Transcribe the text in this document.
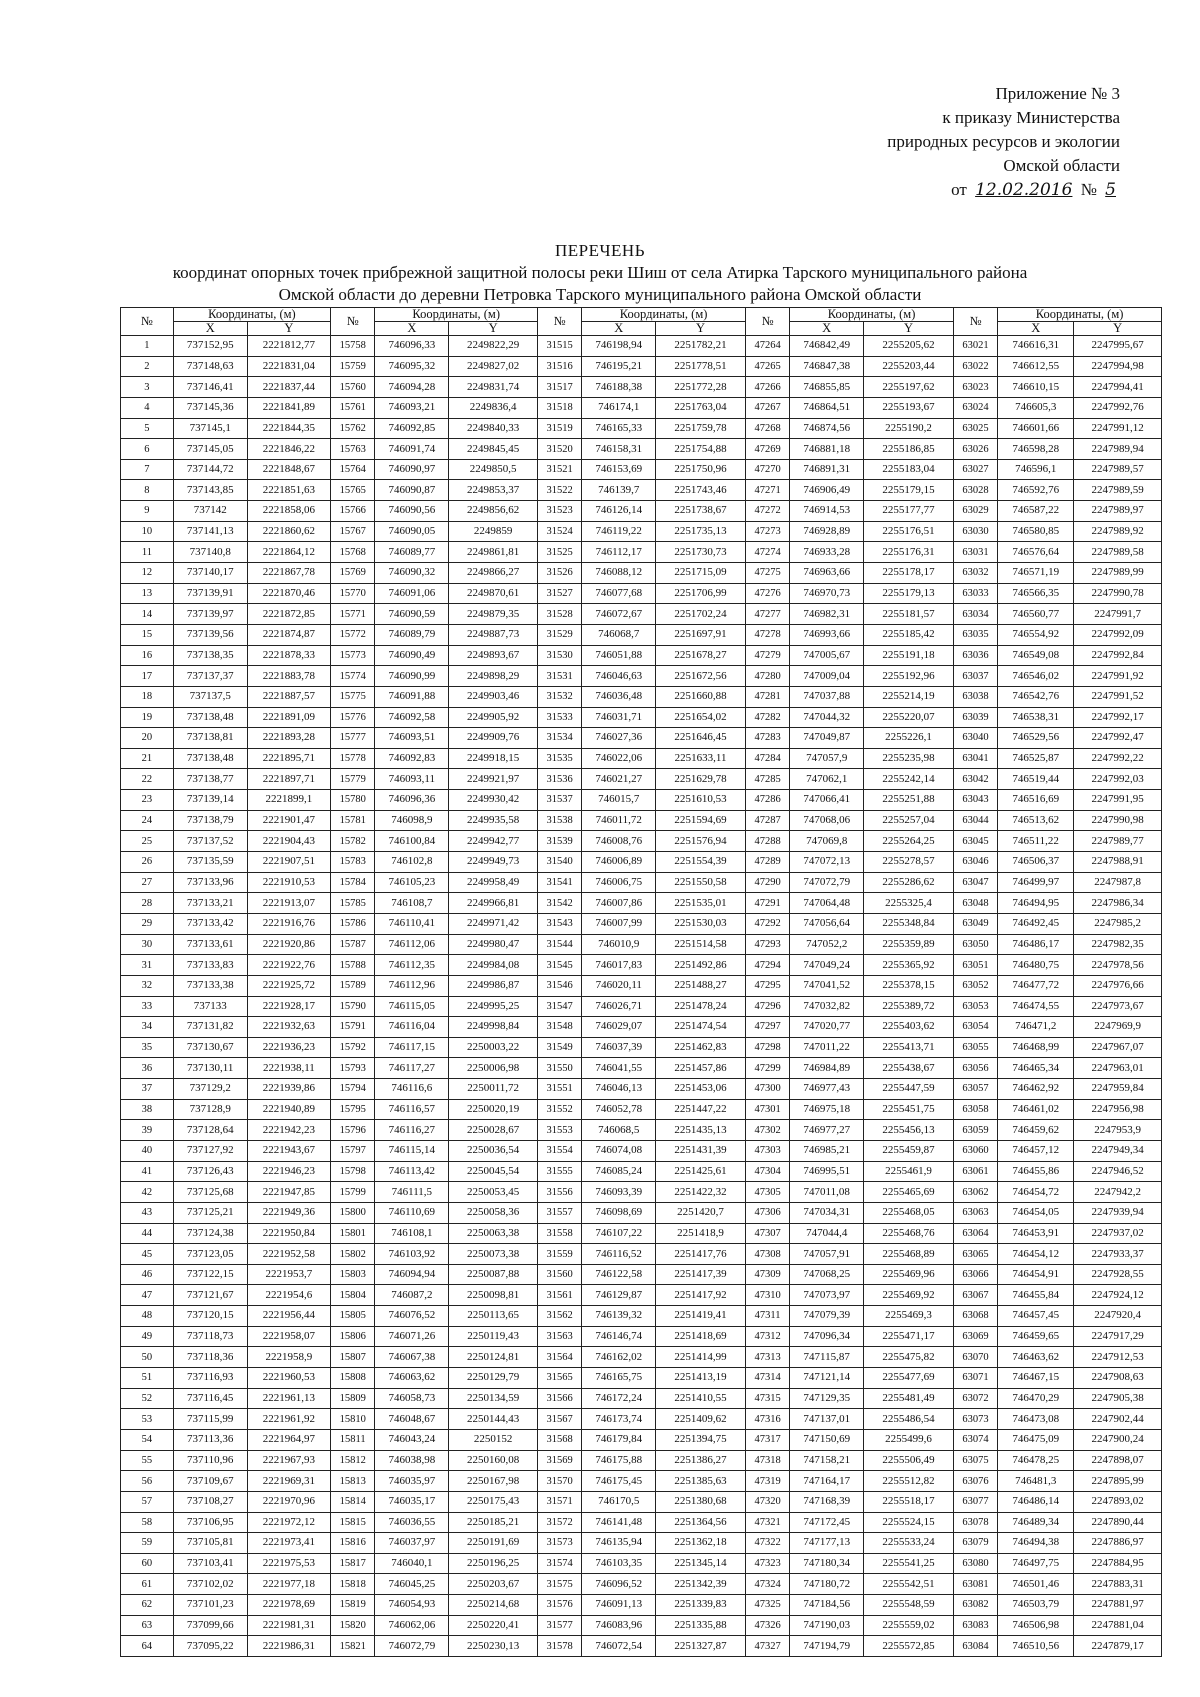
Приложение № 3
к приказу Министерства
природных ресурсов и экологии
Омской области
от 12.02.2016 № 5
ПЕРЕЧЕНЬ
координат опорных точек прибрежной защитной полосы реки Шиш от села Атирка Тарского муниципального района
Омской области до деревни Петровка Тарского муниципального района Омской области
№	Координаты, (м)		№	Координаты, (м)		№	Координаты, (м)		№	Координаты, (м)		№	Координаты, (м)	
	X	Y		X	Y		X	Y		X	Y		X	Y
1	737152,95	2221812,77	15758	746096,33	2249822,29	31515	746198,94	2251782,21	47264	746842,49	2255205,62	63021	746616,31	2247995,67
2	737148,63	2221831,04	15759	746095,32	2249827,02	31516	746195,21	2251778,51	47265	746847,38	2255203,44	63022	746612,55	2247994,98
3	737146,41	2221837,44	15760	746094,28	2249831,74	31517	746188,38	2251772,28	47266	746855,85	2255197,62	63023	746610,15	2247994,41
4	737145,36	2221841,89	15761	746093,21	2249836,4	31518	746174,1	2251763,04	47267	746864,51	2255193,67	63024	746605,3	2247992,76
5	737145,1	2221844,35	15762	746092,85	2249840,33	31519	746165,33	2251759,78	47268	746874,56	2255190,2	63025	746601,66	2247991,12
6	737145,05	2221846,22	15763	746091,74	2249845,45	31520	746158,31	2251754,88	47269	746881,18	2255186,85	63026	746598,28	2247989,94
7	737144,72	2221848,67	15764	746090,97	2249850,5	31521	746153,69	2251750,96	47270	746891,31	2255183,04	63027	746596,1	2247989,57
8	737143,85	2221851,63	15765	746090,87	2249853,37	31522	746139,7	2251743,46	47271	746906,49	2255179,15	63028	746592,76	2247989,59
9	737142	2221858,06	15766	746090,56	2249856,62	31523	746126,14	2251738,67	47272	746914,53	2255177,77	63029	746587,22	2247989,97
10	737141,13	2221860,62	15767	746090,05	2249859	31524	746119,22	2251735,13	47273	746928,89	2255176,51	63030	746580,85	2247989,92
11	737140,8	2221864,12	15768	746089,77	2249861,81	31525	746112,17	2251730,73	47274	746933,28	2255176,31	63031	746576,64	2247989,58
12	737140,17	2221867,78	15769	746090,32	2249866,27	31526	746088,12	2251715,09	47275	746963,66	2255178,17	63032	746571,19	2247989,99
13	737139,91	2221870,46	15770	746091,06	2249870,61	31527	746077,68	2251706,99	47276	746970,73	2255179,13	63033	746566,35	2247990,78
14	737139,97	2221872,85	15771	746090,59	2249879,35	31528	746072,67	2251702,24	47277	746982,31	2255181,57	63034	746560,77	2247991,7
15	737139,56	2221874,87	15772	746089,79	2249887,73	31529	746068,7	2251697,91	47278	746993,66	2255185,42	63035	746554,92	2247992,09
16	737138,35	2221878,33	15773	746090,49	2249893,67	31530	746051,88	2251678,27	47279	747005,67	2255191,18	63036	746549,08	2247992,84
17	737137,37	2221883,78	15774	746090,99	2249898,29	31531	746046,63	2251672,56	47280	747009,04	2255192,96	63037	746546,02	2247991,92
18	737137,5	2221887,57	15775	746091,88	2249903,46	31532	746036,48	2251660,88	47281	747037,88	2255214,19	63038	746542,76	2247991,52
19	737138,48	2221891,09	15776	746092,58	2249905,92	31533	746031,71	2251654,02	47282	747044,32	2255220,07	63039	746538,31	2247992,17
20	737138,81	2221893,28	15777	746093,51	2249909,76	31534	746027,36	2251646,45	47283	747049,87	2255226,1	63040	746529,56	2247992,47
21	737138,48	2221895,71	15778	746092,83	2249918,15	31535	746022,06	2251633,11	47284	747057,9	2255235,98	63041	746525,87	2247992,22
22	737138,77	2221897,71	15779	746093,11	2249921,97	31536	746021,27	2251629,78	47285	747062,1	2255242,14	63042	746519,44	2247992,03
23	737139,14	2221899,1	15780	746096,36	2249930,42	31537	746015,7	2251610,53	47286	747066,41	2255251,88	63043	746516,69	2247991,95
24	737138,79	2221901,47	15781	746098,9	2249935,58	31538	746011,72	2251594,69	47287	747068,06	2255257,04	63044	746513,62	2247990,98
25	737137,52	2221904,43	15782	746100,84	2249942,77	31539	746008,76	2251576,94	47288	747069,8	2255264,25	63045	746511,22	2247989,77
26	737135,59	2221907,51	15783	746102,8	2249949,73	31540	746006,89	2251554,39	47289	747072,13	2255278,57	63046	746506,37	2247988,91
27	737133,96	2221910,53	15784	746105,23	2249958,49	31541	746006,75	2251550,58	47290	747072,79	2255286,62	63047	746499,97	2247987,8
28	737133,21	2221913,07	15785	746108,7	2249966,81	31542	746007,86	2251535,01	47291	747064,48	2255325,4	63048	746494,95	2247986,34
29	737133,42	2221916,76	15786	746110,41	2249971,42	31543	746007,99	2251530,03	47292	747056,64	2255348,84	63049	746492,45	2247985,2
30	737133,61	2221920,86	15787	746112,06	2249980,47	31544	746010,9	2251514,58	47293	747052,2	2255359,89	63050	746486,17	2247982,35
31	737133,83	2221922,76	15788	746112,35	2249984,08	31545	746017,83	2251492,86	47294	747049,24	2255365,92	63051	746480,75	2247978,56
32	737133,38	2221925,72	15789	746112,96	2249986,87	31546	746020,11	2251488,27	47295	747041,52	2255378,15	63052	746477,72	2247976,66
33	737133	2221928,17	15790	746115,05	2249995,25	31547	746026,71	2251478,24	47296	747032,82	2255389,72	63053	746474,55	2247973,67
34	737131,82	2221932,63	15791	746116,04	2249998,84	31548	746029,07	2251474,54	47297	747020,77	2255403,62	63054	746471,2	2247969,9
35	737130,67	2221936,23	15792	746117,15	2250003,22	31549	746037,39	2251462,83	47298	747011,22	2255413,71	63055	746468,99	2247967,07
36	737130,11	2221938,11	15793	746117,27	2250006,98	31550	746041,55	2251457,86	47299	746984,89	2255438,67	63056	746465,34	2247963,01
37	737129,2	2221939,86	15794	746116,6	2250011,72	31551	746046,13	2251453,06	47300	746977,43	2255447,59	63057	746462,92	2247959,84
38	737128,9	2221940,89	15795	746116,57	2250020,19	31552	746052,78	2251447,22	47301	746975,18	2255451,75	63058	746461,02	2247956,98
39	737128,64	2221942,23	15796	746116,27	2250028,67	31553	746068,5	2251435,13	47302	746977,27	2255456,13	63059	746459,62	2247953,9
40	737127,92	2221943,67	15797	746115,14	2250036,54	31554	746074,08	2251431,39	47303	746985,21	2255459,87	63060	746457,12	2247949,34
41	737126,43	2221946,23	15798	746113,42	2250045,54	31555	746085,24	2251425,61	47304	746995,51	2255461,9	63061	746455,86	2247946,52
42	737125,68	2221947,85	15799	746111,5	2250053,45	31556	746093,39	2251422,32	47305	747011,08	2255465,69	63062	746454,72	2247942,2
43	737125,21	2221949,36	15800	746110,69	2250058,36	31557	746098,69	2251420,7	47306	747034,31	2255468,05	63063	746454,05	2247939,94
44	737124,38	2221950,84	15801	746108,1	2250063,38	31558	746107,22	2251418,9	47307	747044,4	2255468,76	63064	746453,91	2247937,02
45	737123,05	2221952,58	15802	746103,92	2250073,38	31559	746116,52	2251417,76	47308	747057,91	2255468,89	63065	746454,12	2247933,37
46	737122,15	2221953,7	15803	746094,94	2250087,88	31560	746122,58	2251417,39	47309	747068,25	2255469,96	63066	746454,91	2247928,55
47	737121,67	2221954,6	15804	746087,2	2250098,81	31561	746129,87	2251417,92	47310	747073,97	2255469,92	63067	746455,84	2247924,12
48	737120,15	2221956,44	15805	746076,52	2250113,65	31562	746139,32	2251419,41	47311	747079,39	2255469,3	63068	746457,45	2247920,4
49	737118,73	2221958,07	15806	746071,26	2250119,43	31563	746146,74	2251418,69	47312	747096,34	2255471,17	63069	746459,65	2247917,29
50	737118,36	2221958,9	15807	746067,38	2250124,81	31564	746162,02	2251414,99	47313	747115,87	2255475,82	63070	746463,62	2247912,53
51	737116,93	2221960,53	15808	746063,62	2250129,79	31565	746165,75	2251413,19	47314	747121,14	2255477,69	63071	746467,15	2247908,63
52	737116,45	2221961,13	15809	746058,73	2250134,59	31566	746172,24	2251410,55	47315	747129,35	2255481,49	63072	746470,29	2247905,38
53	737115,99	2221961,92	15810	746048,67	2250144,43	31567	746173,74	2251409,62	47316	747137,01	2255486,54	63073	746473,08	2247902,44
54	737113,36	2221964,97	15811	746043,24	2250152	31568	746179,84	2251394,75	47317	747150,69	2255499,6	63074	746475,09	2247900,24
55	737110,96	2221967,93	15812	746038,98	2250160,08	31569	746175,88	2251386,27	47318	747158,21	2255506,49	63075	746478,25	2247898,07
56	737109,67	2221969,31	15813	746035,97	2250167,98	31570	746175,45	2251385,63	47319	747164,17	2255512,82	63076	746481,3	2247895,99
57	737108,27	2221970,96	15814	746035,17	2250175,43	31571	746170,5	2251380,68	47320	747168,39	2255518,17	63077	746486,14	2247893,02
58	737106,95	2221972,12	15815	746036,55	2250185,21	31572	746141,48	2251364,56	47321	747172,45	2255524,15	63078	746489,34	2247890,44
59	737105,81	2221973,41	15816	746037,97	2250191,69	31573	746135,94	2251362,18	47322	747177,13	2255533,24	63079	746494,38	2247886,97
60	737103,41	2221975,53	15817	746040,1	2250196,25	31574	746103,35	2251345,14	47323	747180,34	2255541,25	63080	746497,75	2247884,95
61	737102,02	2221977,18	15818	746045,25	2250203,67	31575	746096,52	2251342,39	47324	747180,72	2255542,51	63081	746501,46	2247883,31
62	737101,23	2221978,69	15819	746054,93	2250214,68	31576	746091,13	2251339,83	47325	747184,56	2255548,59	63082	746503,79	2247881,97
63	737099,66	2221981,31	15820	746062,06	2250220,41	31577	746083,96	2251335,88	47326	747190,03	2255559,02	63083	746506,98	2247881,04
64	737095,22	2221986,31	15821	746072,79	2250230,13	31578	746072,54	2251327,87	47327	747194,79	2255572,85	63084	746510,56	2247879,17
